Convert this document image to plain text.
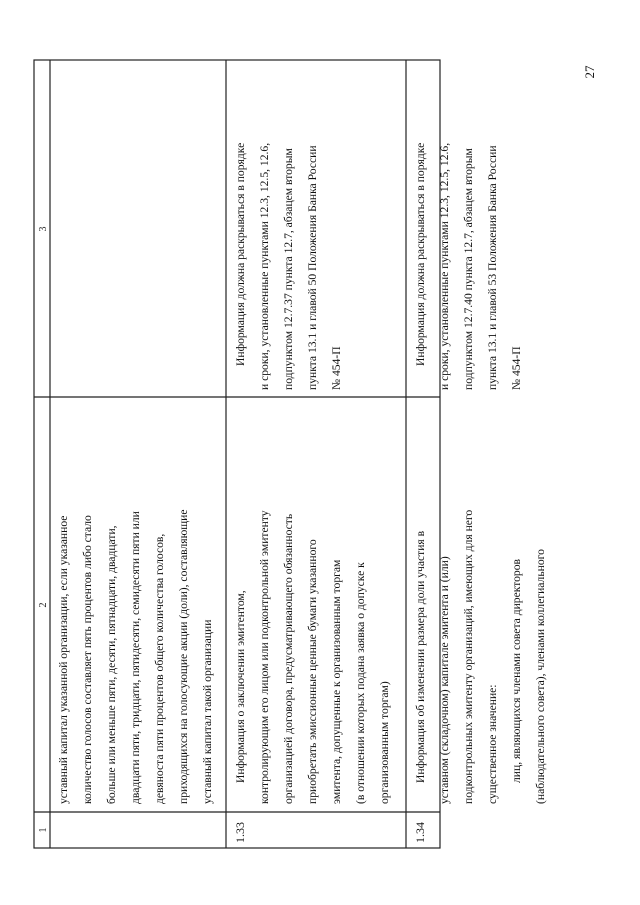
1
2
3
уставный капитал указанной организации, если указанное количество голосов составляет пять процентов либо стало больше или меньше пяти, десяти, пятнадцати, двадцати, двадцати пяти, тридцати, пятидесяти, семидесяти пяти или девяноста пяти процентов общего количества голосов, приходящихся на голосующие акции (доли), составляющие уставный капитал такой организации
1.33
Информация о заключении эмитентом, контролирующим его лицом или подконтрольной эмитенту организацией договора, предусматривающего обязанность приобретать эмиссионные ценные бумаги указанного эмитента, допущенные к организованным торгам (в отношении которых подана заявка о допуске к организованным торгам)
Информация должна раскрываться в порядке и сроки, установленные пунктами 12.3, 12.5, 12.6, подпунктом 12.7.37 пункта 12.7, абзацем вторым пункта 13.1 и главой 50 Положения Банка России № 454-П
1.34
Информация об изменении размера доли участия в уставном (складочном) капитале эмитента и (или) подконтрольных эмитенту организаций, имеющих для него существенное значение: лиц, являющихся членами совета директоров (наблюдательного совета), членами коллегиального
Информация должна раскрываться в порядке и сроки, установленные пунктами 12.3, 12.5, 12.6, подпунктом 12.7.40 пункта 12.7, абзацем вторым пункта 13.1 и главой 53 Положения Банка России № 454-П
27
